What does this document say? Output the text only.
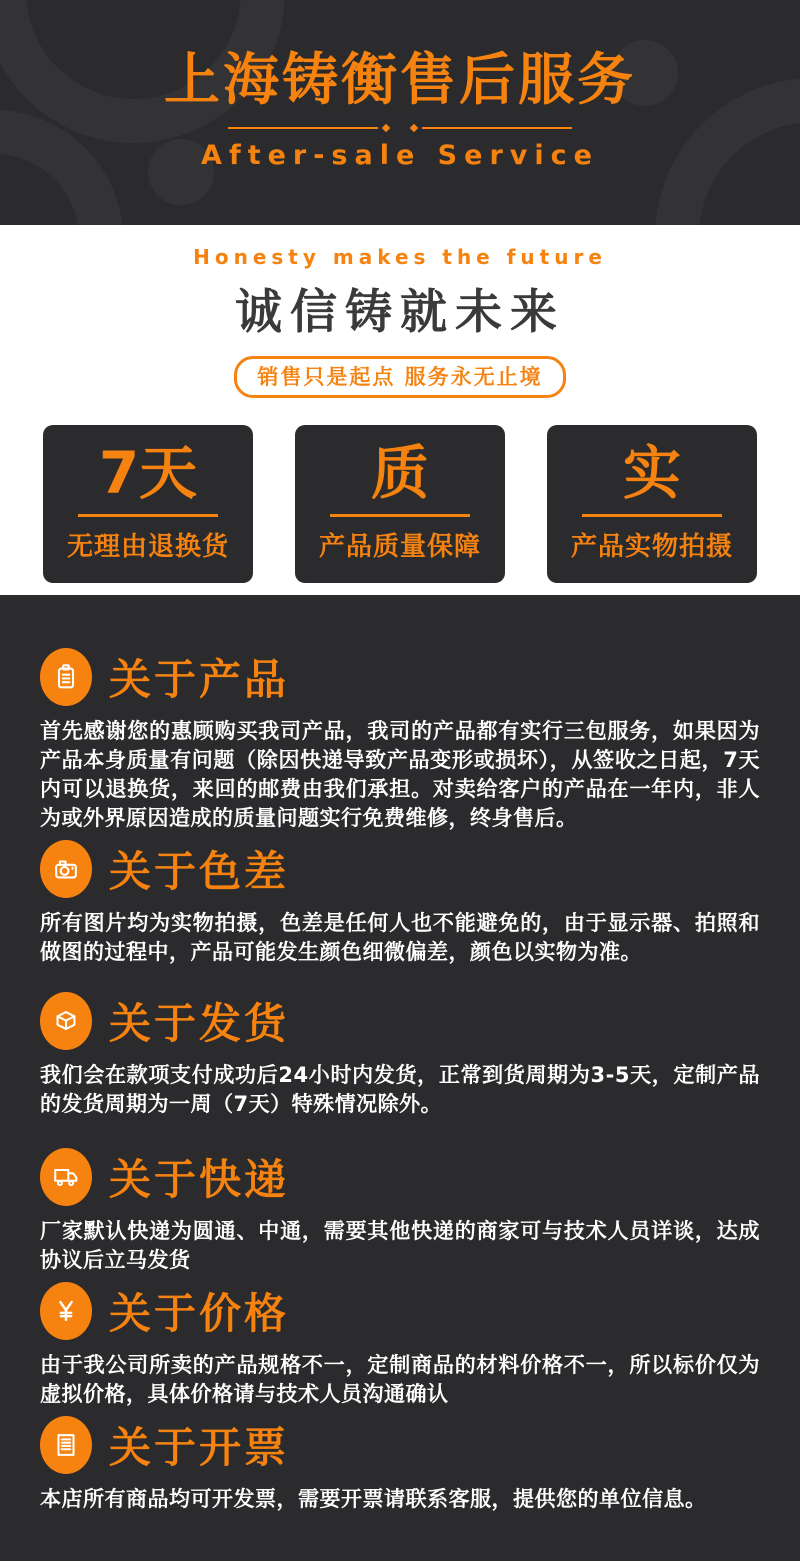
上海铸衡售后服务
After-sale Service
Honesty makes the future
诚信铸就未来
销售只是起点 服务永无止境
7天
无理由退换货
质
产品质量保障
实
产品实物拍摄
关于产品

首先感谢您的惠顾购买我司产品，我司的产品都有实行三包服务，如果因为产品本身质量有问题（除因快递导致产品变形或损坏），从签收之日起，7天内可以退换货，来回的邮费由我们承担。对卖给客户的产品在一年内，非人为或外界原因造成的质量问题实行免费维修，终身售后。

关于色差

所有图片均为实物拍摄，色差是任何人也不能避免的，由于显示器、拍照和做图的过程中，产品可能发生颜色细微偏差，颜色以实物为准。

关于发货

我们会在款项支付成功后24小时内发货，正常到货周期为3-5天，定制产品的发货周期为一周（7天）特殊情况除外。

关于快递

厂家默认快递为圆通、中通，需要其他快递的商家可与技术人员详谈，达成协议后立马发货

关于价格

由于我公司所卖的产品规格不一，定制商品的材料价格不一，所以标价仅为虚拟价格，具体价格请与技术人员沟通确认

关于开票

本店所有商品均可开发票，需要开票请联系客服，提供您的单位信息。
